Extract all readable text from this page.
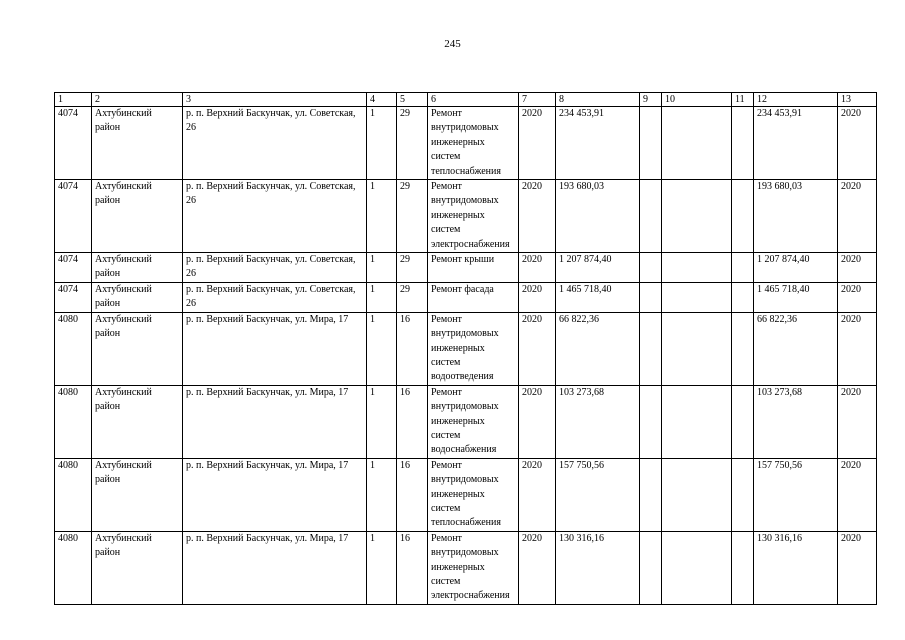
245
1	2	3	4	5	6	7	8	9	10	11	12	13
4074	Ахтубинский район	р. п. Верхний Баскунчак, ул. Советская, 26	1	29	Ремонт внутридомовых инженерных систем теплоснабжения	2020	234 453,91				234 453,91	2020
4074	Ахтубинский район	р. п. Верхний Баскунчак, ул. Советская, 26	1	29	Ремонт внутридомовых инженерных систем электроснабжения	2020	193 680,03				193 680,03	2020
4074	Ахтубинский район	р. п. Верхний Баскунчак, ул. Советская, 26	1	29	Ремонт крыши	2020	1 207 874,40				1 207 874,40	2020
4074	Ахтубинский район	р. п. Верхний Баскунчак, ул. Советская, 26	1	29	Ремонт фасада	2020	1 465 718,40				1 465 718,40	2020
4080	Ахтубинский район	р. п. Верхний Баскунчак, ул. Мира, 17	1	16	Ремонт внутридомовых инженерных систем водоотведения	2020	66 822,36				66 822,36	2020
4080	Ахтубинский район	р. п. Верхний Баскунчак, ул. Мира, 17	1	16	Ремонт внутридомовых инженерных систем водоснабжения	2020	103 273,68				103 273,68	2020
4080	Ахтубинский район	р. п. Верхний Баскунчак, ул. Мира, 17	1	16	Ремонт внутридомовых инженерных систем теплоснабжения	2020	157 750,56				157 750,56	2020
4080	Ахтубинский район	р. п. Верхний Баскунчак, ул. Мира, 17	1	16	Ремонт внутридомовых инженерных систем электроснабжения	2020	130 316,16				130 316,16	2020
